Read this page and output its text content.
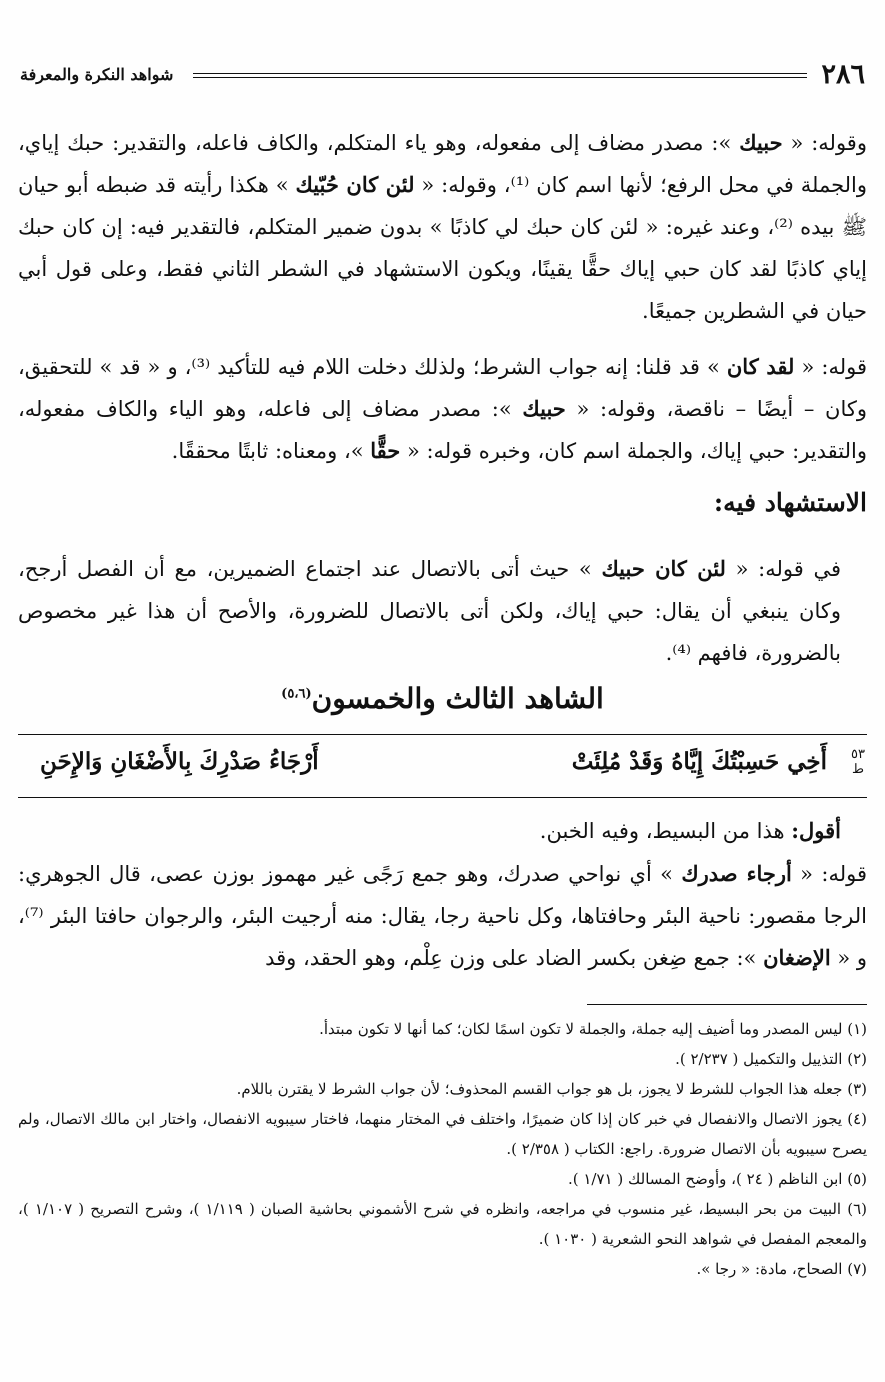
٢٨٦
شواهد النكرة والمعرفة

وقوله: « حبيك »: مصدر مضاف إلى مفعوله، وهو ياء المتكلم، والكاف فاعله، والتقدير: حبك إياي، والجملة في محل الرفع؛ لأنها اسم كان ⁽¹⁾، وقوله: « لئن كان حُبّيك » هكذا رأيته قد ضبطه أبو حيان ﷺ بيده ⁽²⁾، وعند غيره: « لئن كان حبك لي كاذبًا » بدون ضمير المتكلم، فالتقدير فيه: إن كان حبك إياي كاذبًا لقد كان حبي إياك حقًّا يقينًا، ويكون الاستشهاد في الشطر الثاني فقط، وعلى قول أبي حيان في الشطرين جميعًا.

قوله: « لقد كان » قد قلنا: إنه جواب الشرط؛ ولذلك دخلت اللام فيه للتأكيد ⁽³⁾، و « قد » للتحقيق، وكان – أيضًا – ناقصة، وقوله: « حبيك »: مصدر مضاف إلى فاعله، وهو الياء والكاف مفعوله، والتقدير: حبي إياك، والجملة اسم كان، وخبره قوله: « حقًّا »، ومعناه: ثابتًا محققًا.

الاستشهاد فيه:

في قوله: « لئن كان حبيك » حيث أتى بالاتصال عند اجتماع الضميرين، مع أن الفصل أرجح، وكان ينبغي أن يقال: حبي إياك، ولكن أتى بالاتصال للضرورة، والأصح أن هذا غير مخصوص بالضرورة، فافهم ⁽⁴⁾.

الشاهد الثالث والخمسون$^{(٥،٦)}$
٥٣
ط
أَخِي حَسِبْتُكَ إِيَّاهُ وَقَدْ مُلِئَتْ
أَرْجَاءُ صَدْرِكَ بِالأَضْغَانِ وَالإِحَنِ

أقول: هذا من البسيط، وفيه الخبن.

قوله: « أرجاء صدرك » أي نواحي صدرك، وهو جمع رَجًى غير مهموز بوزن عصى، قال الجوهري: الرجا مقصور: ناحية البئر وحافتاها، وكل ناحية رجا، يقال: منه أرجيت البئر، والرجوان حافتا البئر ⁽⁷⁾، و « الإضغان »: جمع ضِغن بكسر الضاد على وزن عِلْم، وهو الحقد، وقد

(١) ليس المصدر وما أضيف إليه جملة، والجملة لا تكون اسمًا لكان؛ كما أنها لا تكون مبتدأ.
(٢) التذييل والتكميل ( ٢/٢٣٧ ).
(٣) جعله هذا الجواب للشرط لا يجوز، بل هو جواب القسم المحذوف؛ لأن جواب الشرط لا يقترن باللام.
(٤) يجوز الاتصال والانفصال في خبر كان إذا كان ضميرًا، واختلف في المختار منهما، فاختار سيبويه الانفصال، واختار ابن مالك الاتصال، ولم يصرح سيبويه بأن الاتصال ضرورة. راجع: الكتاب ( ٢/٣٥٨ ).
(٥) ابن الناظم ( ٢٤ )، وأوضح المسالك ( ١/٧١ ).
(٦) البيت من بحر البسيط، غير منسوب في مراجعه، وانظره في شرح الأشموني بحاشية الصبان ( ١/١١٩ )، وشرح التصريح ( ١/١٠٧ )، والمعجم المفصل في شواهد النحو الشعرية ( ١٠٣٠ ).
(٧) الصحاح، مادة: « رجا ».
